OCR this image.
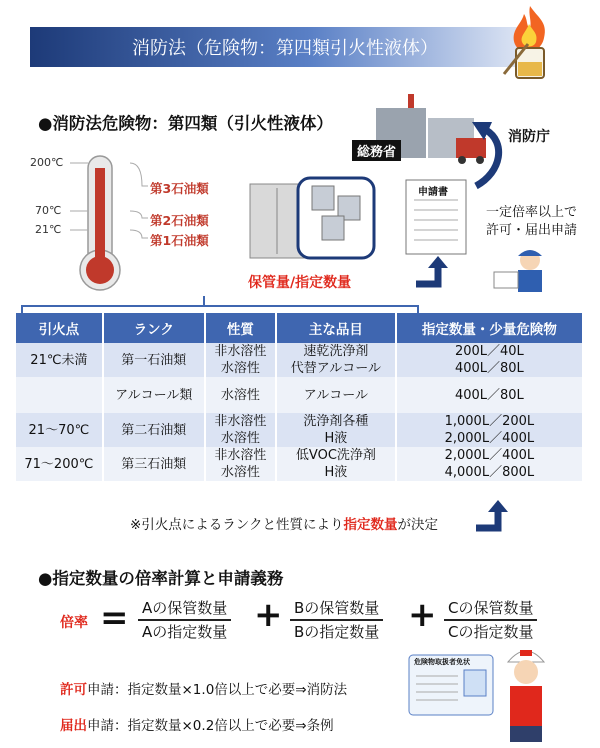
消防法（危険物：第四類引火性液体）
●消防法危険物：第四類（引火性液体）
200℃
70℃
21℃
第3石油類
第2石油類
第1石油類
保管量/指定数量
総務省
消防庁
申請書
一定倍率以上で
許可・届出申請
引火点	ランク	性質	主な品目	指定数量・少量危険物
21℃未満	第一石油類	非水溶性	速乾洗浄剤	200L／40L
		水溶性	代替アルコール	400L／80L
	アルコール類	水溶性	アルコール	400L／80L
21～70℃	第二石油類	非水溶性	洗浄剤各種	1,000L／200L
		水溶性	H液	2,000L／400L
71～200℃	第三石油類	非水溶性	低VOC洗浄剤	2,000L／400L
		水溶性	H液	4,000L／800L
※引火点によるランクと性質により指定数量が決定
●指定数量の倍率計算と申請義務
倍率 = Aの保管数量
Aの指定数量 + Bの保管数量
Bの指定数量 + Cの保管数量
Cの指定数量
許可申請：指定数量×1.0倍以上で必要⇒消防法
届出申請：指定数量×0.2倍以上で必要⇒条例
危険物取扱者免状
